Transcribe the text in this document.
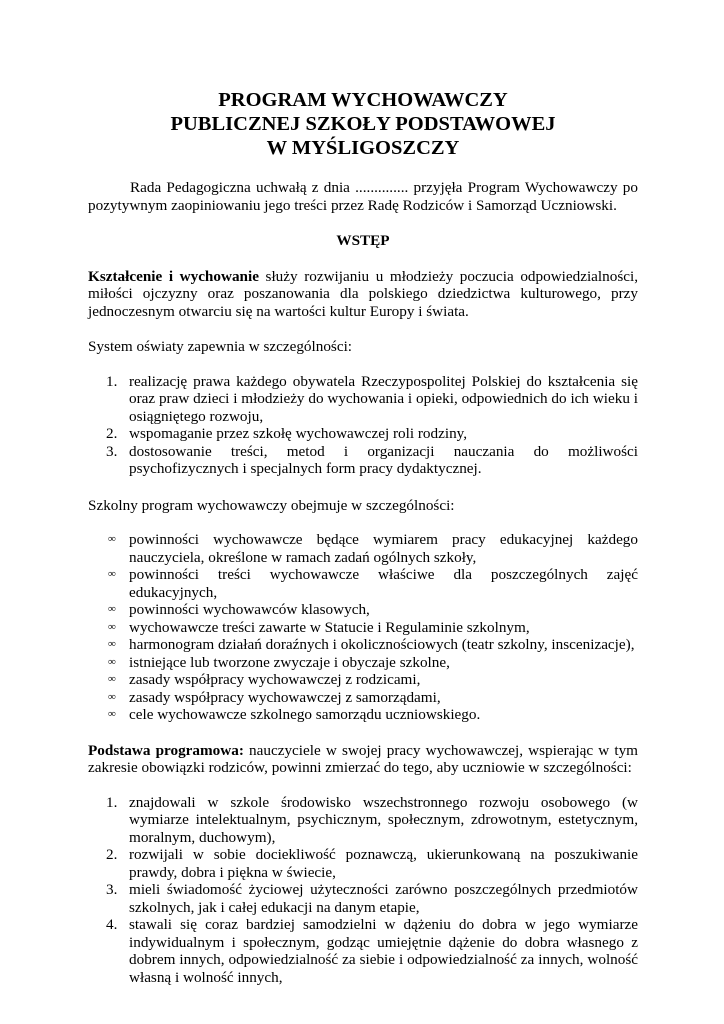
PROGRAM WYCHOWAWCZY
PUBLICZNEJ SZKOŁY PODSTAWOWEJ
W MYŚLIGOSZCZY

Rada Pedagogiczna uchwałą z dnia .............. przyjęła Program Wychowawczy po pozytywnym zaopiniowaniu jego treści przez Radę Rodziców i Samorząd Uczniowski.

WSTĘP

Kształcenie i wychowanie służy rozwijaniu u młodzieży poczucia odpowiedzialności, miłości ojczyzny oraz poszanowania dla polskiego dziedzictwa kulturowego, przy jednoczesnym otwarciu się na wartości kultur Europy i świata.

System oświaty zapewnia w szczególności:

1. realizację prawa każdego obywatela Rzeczypospolitej Polskiej do kształcenia się oraz praw dzieci i młodzieży do wychowania i opieki, odpowiednich do ich wieku i osiągniętego rozwoju,
2. wspomaganie przez szkołę wychowawczej roli rodziny,
3. dostosowanie treści, metod i organizacji nauczania do możliwości psychofizycznych i specjalnych form pracy dydaktycznej.

Szkolny program wychowawczy obejmuje w szczególności:

∞ powinności wychowawcze będące wymiarem pracy edukacyjnej każdego nauczyciela, określone w ramach zadań ogólnych szkoły,
∞ powinności treści wychowawcze właściwe dla poszczególnych zajęć edukacyjnych,
∞ powinności wychowawców klasowych,
∞ wychowawcze treści zawarte w Statucie i Regulaminie szkolnym,
∞ harmonogram działań doraźnych i okolicznościowych (teatr szkolny, inscenizacje),
∞ istniejące lub tworzone zwyczaje i obyczaje szkolne,
∞ zasady współpracy wychowawczej z rodzicami,
∞ zasady współpracy wychowawczej z samorządami,
∞ cele wychowawcze szkolnego samorządu uczniowskiego.

Podstawa programowa: nauczyciele w swojej pracy wychowawczej, wspierając w tym zakresie obowiązki rodziców, powinni zmierzać do tego, aby uczniowie w szczególności:

1. znajdowali w szkole środowisko wszechstronnego rozwoju osobowego (w wymiarze intelektualnym, psychicznym, społecznym, zdrowotnym, estetycznym, moralnym, duchowym),
2. rozwijali w sobie dociekliwość poznawczą, ukierunkowaną na poszukiwanie prawdy, dobra i piękna w świecie,
3. mieli świadomość życiowej użyteczności zarówno poszczególnych przedmiotów szkolnych, jak i całej edukacji na danym etapie,
4. stawali się coraz bardziej samodzielni w dążeniu do dobra w jego wymiarze indywidualnym i społecznym, godząc umiejętnie dążenie do dobra własnego z dobrem innych, odpowiedzialność za siebie i odpowiedzialność za innych, wolność własną i wolność innych,
